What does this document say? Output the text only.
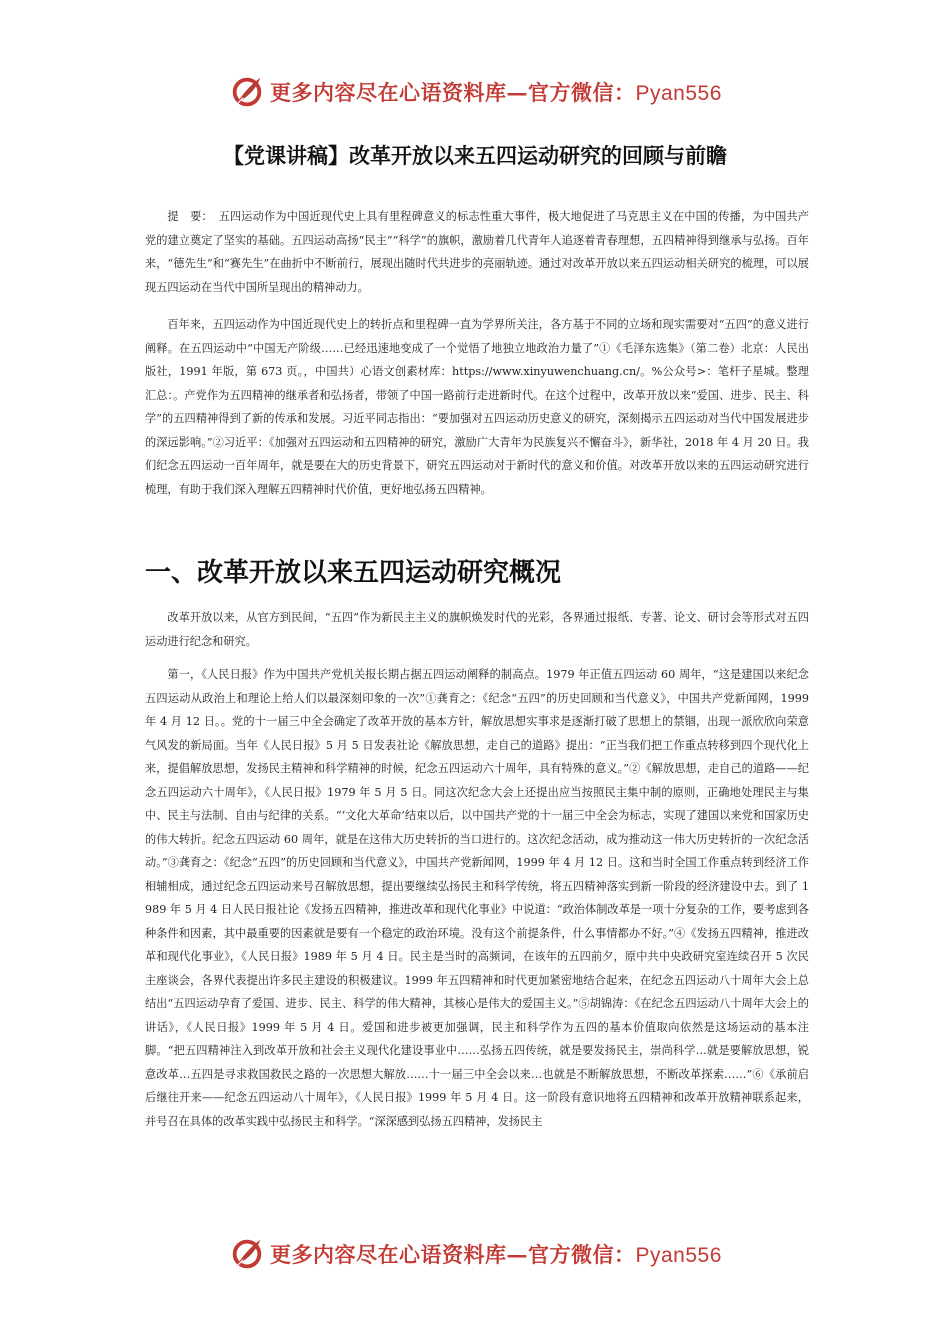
更多内容尽在心语资料库—官方微信：Pyan556
【党课讲稿】改革开放以来五四运动研究的回顾与前瞻
提　要：　五四运动作为中国近现代史上具有里程碑意义的标志性重大事件，极大地促进了马克思主义在中国的传播，为中国共产党的建立奠定了坚实的基础。五四运动高扬“民主”“科学”的旗帜，激励着几代青年人追逐着青春理想，五四精神得到继承与弘扬。百年来，“德先生”和“赛先生”在曲折中不断前行，展现出随时代共进步的亮丽轨迹。通过对改革开放以来五四运动相关研究的梳理，可以展现五四运动在当代中国所呈现出的精神动力。
百年来，五四运动作为中国近现代史上的转折点和里程碑一直为学界所关注，各方基于不同的立场和现实需要对“五四”的意义进行阐释。在五四运动中“中国无产阶级……已经迅速地变成了一个觉悟了地独立地政治力量了”①《毛泽东选集》（第二卷）北京：人民出版社，1991 年版，第 673 页。，中国共）心语文创素材库：https://www.xinyuwenchuang.cn/。%公众号>：笔杆子星城。整理汇总：。产党作为五四精神的继承者和弘扬者，带领了中国一路前行走进新时代。在这个过程中，改革开放以来“爱国、进步、民主、科学”的五四精神得到了新的传承和发展。习近平同志指出：“要加强对五四运动历史意义的研究，深刻揭示五四运动对当代中国发展进步的深远影响。”②习近平：《加强对五四运动和五四精神的研究，激励广大青年为民族复兴不懈奋斗》，新华社，2018 年 4 月 20 日。我们纪念五四运动一百年周年，就是要在大的历史背景下，研究五四运动对于新时代的意义和价值。对改革开放以来的五四运动研究进行梳理，有助于我们深入理解五四精神时代价值，更好地弘扬五四精神。
一、改革开放以来五四运动研究概况
改革开放以来，从官方到民间，“五四”作为新民主主义的旗帜焕发时代的光彩，各界通过报纸、专著、论文、研讨会等形式对五四运动进行纪念和研究。
第一，《人民日报》作为中国共产党机关报长期占据五四运动阐释的制高点。1979 年正值五四运动 60 周年，“这是建国以来纪念五四运动从政治上和理论上给人们以最深刻印象的一次”①龚育之：《纪念“五四”的历史回顾和当代意义》，中国共产党新闻网，1999 年 4 月 12 日。。党的十一届三中全会确定了改革开放的基本方针，解放思想实事求是逐渐打破了思想上的禁锢，出现一派欣欣向荣意气风发的新局面。当年《人民日报》5 月 5 日发表社论《解放思想，走自己的道路》提出：“正当我们把工作重点转移到四个现代化上来，提倡解放思想，发扬民主精神和科学精神的时候，纪念五四运动六十周年，具有特殊的意义。”②《解放思想，走自己的道路——纪念五四运动六十周年》，《人民日报》1979 年 5 月 5 日。同这次纪念大会上还提出应当按照民主集中制的原则，正确地处理民主与集中、民主与法制、自由与纪律的关系。“‘文化大革命’结束以后，以中国共产党的十一届三中全会为标志，实现了建国以来党和国家历史的伟大转折。纪念五四运动 60 周年，就是在这伟大历史转折的当口进行的。这次纪念活动，成为推动这一伟大历史转折的一次纪念活动。”③龚育之：《纪念“五四”的历史回顾和当代意义》，中国共产党新闻网，1999 年 4 月 12 日。这和当时全国工作重点转到经济工作相辅相成，通过纪念五四运动来号召解放思想，提出要继续弘扬民主和科学传统，将五四精神落实到新一阶段的经济建设中去。到了 1989 年 5 月 4 日人民日报社论《发扬五四精神，推进改革和现代化事业》中说道：“政治体制改革是一项十分复杂的工作，要考虑到各种条件和因素，其中最重要的因素就是要有一个稳定的政治环境。没有这个前提条件，什么事情都办不好。”④《发扬五四精神，推进改革和现代化事业》，《人民日报》1989 年 5 月 4 日。民主是当时的高频词，在该年的五四前夕，原中共中央政研究室连续召开 5 次民主座谈会，各界代表提出许多民主建设的积极建议。1999 年五四精神和时代更加紧密地结合起来，在纪念五四运动八十周年大会上总结出“五四运动孕育了爱国、进步、民主、科学的伟大精神，其核心是伟大的爱国主义。”⑤胡锦涛：《在纪念五四运动八十周年大会上的讲话》，《人民日报》1999 年 5 月 4 日。爱国和进步被更加强调，民主和科学作为五四的基本价值取向依然是这场运动的基本注脚。“把五四精神注入到改革开放和社会主义现代化建设事业中……弘扬五四传统，就是要发扬民主，崇尚科学…就是要解放思想，锐意改革…五四是寻求救国救民之路的一次思想大解放……十一届三中全会以来…也就是不断解放思想，不断改革探索……”⑥《承前启后继往开来——纪念五四运动八十周年》，《人民日报》1999 年 5 月 4 日。这一阶段有意识地将五四精神和改革开放精神联系起来，并号召在具体的改革实践中弘扬民主和科学。“深深感到弘扬五四精神，发扬民主
更多内容尽在心语资料库—官方微信：Pyan556
